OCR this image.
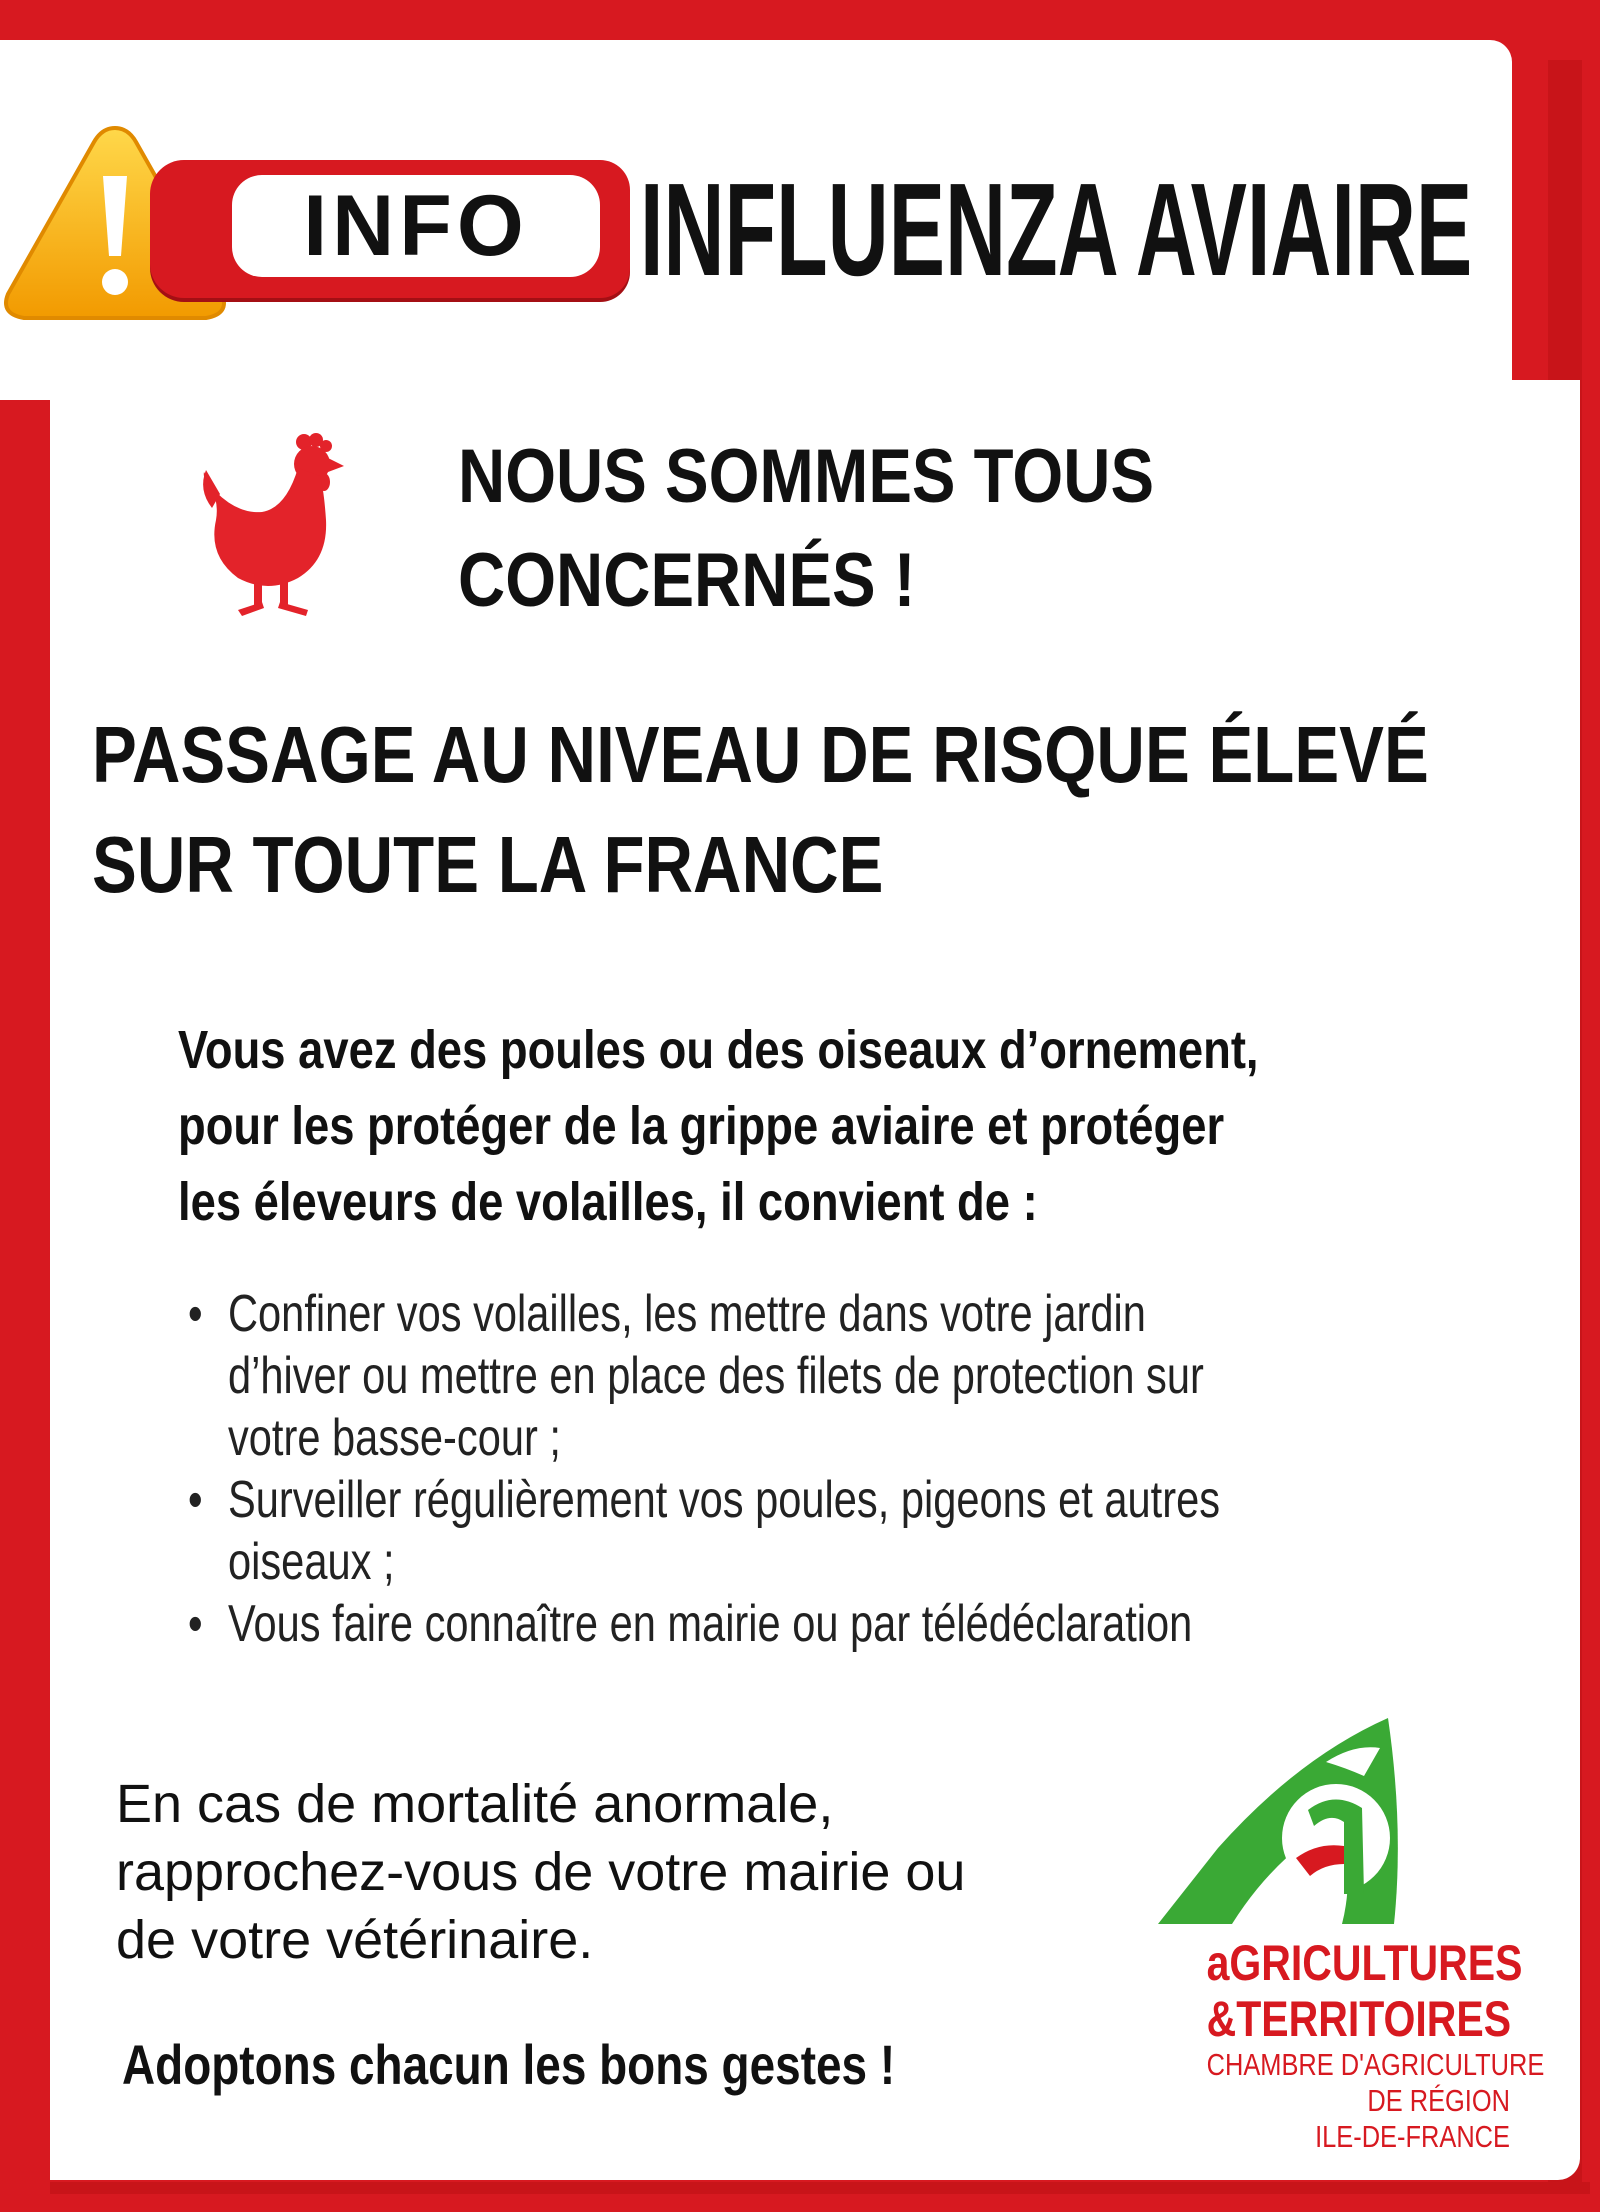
INFO INFLUENZA AVIAIRE
NOUS SOMMES TOUS
CONCERNÉS !
PASSAGE AU NIVEAU DE RISQUE ÉLEVÉ
SUR TOUTE LA FRANCE
Vous avez des poules ou des oiseaux d’ornement,
pour les protéger de la grippe aviaire et protéger
les éleveurs de volailles, il convient de :
• Confiner vos volailles, les mettre dans votre jardin
d’hiver ou mettre en place des filets de protection sur
votre basse-cour ;
• Surveiller régulièrement vos poules, pigeons et autres
oiseaux ;
• Vous faire connaître en mairie ou par télédéclaration
En cas de mortalité anormale,
rapprochez-vous de votre mairie ou
de votre vétérinaire.
Adoptons chacun les bons gestes !
aGRICULTURES
&TERRITOIRES
CHAMBRE D'AGRICULTURE
DE RÉGION
ILE-DE-FRANCE
